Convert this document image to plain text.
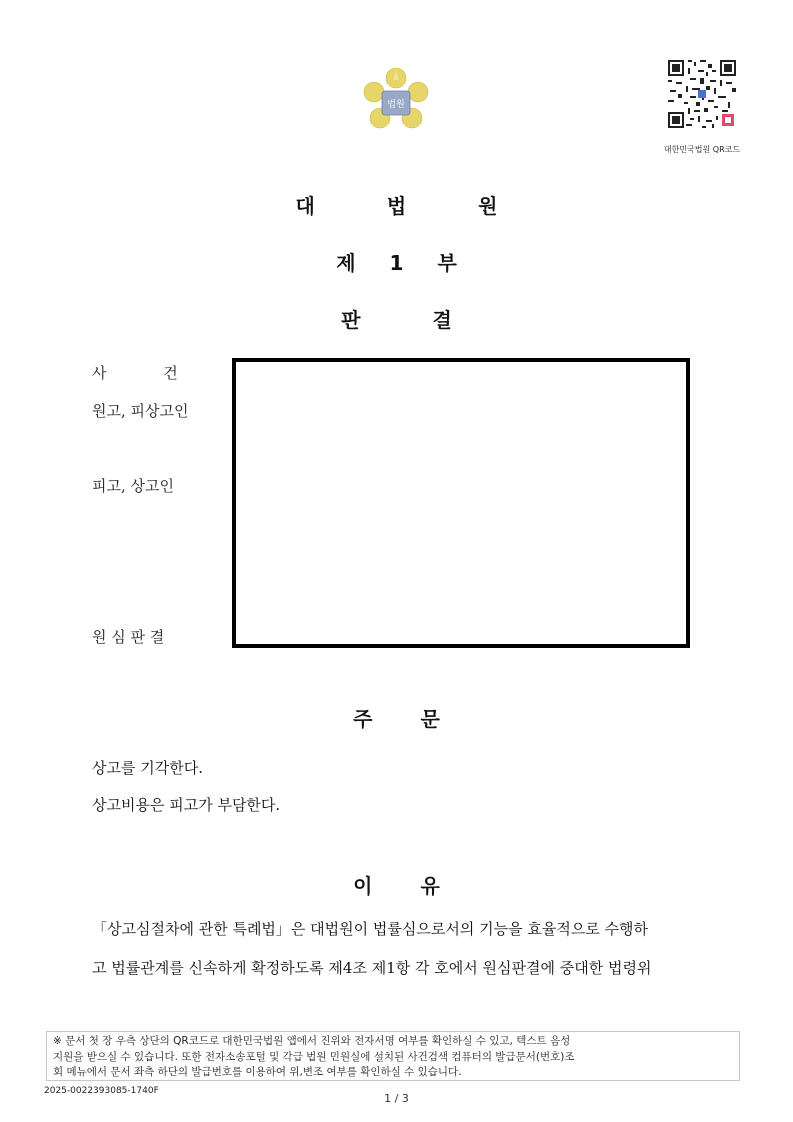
법원
대한민국법원 QR코드
대	법	원
제 1 부
판	결
사 건
원고, 피상고인
피고, 상고인
원 심 판 결
주 문
상고를 기각한다.
상고비용은 피고가 부담한다.
이 유
「상고심절차에 관한 특례법」은 대법원이 법률심으로서의 기능을 효율적으로 수행하
고 법률관계를 신속하게 확정하도록 제4조 제1항 각 호에서 원심판결에 중대한 법령위
※ 문서 첫 장 우측 상단의 QR코드로 대한민국법원 앱에서 진위와 전자서명 여부를 확인하실 수 있고, 텍스트 음성
지원을 받으실 수 있습니다. 또한 전자소송포털 및 각급 법원 민원실에 설치된 사건검색 컴퓨터의 발급문서(번호)조
회 메뉴에서 문서 좌측 하단의 발급번호를 이용하여 위,변조 여부를 확인하실 수 있습니다.
2025-0022393085-1740F
1 / 3
